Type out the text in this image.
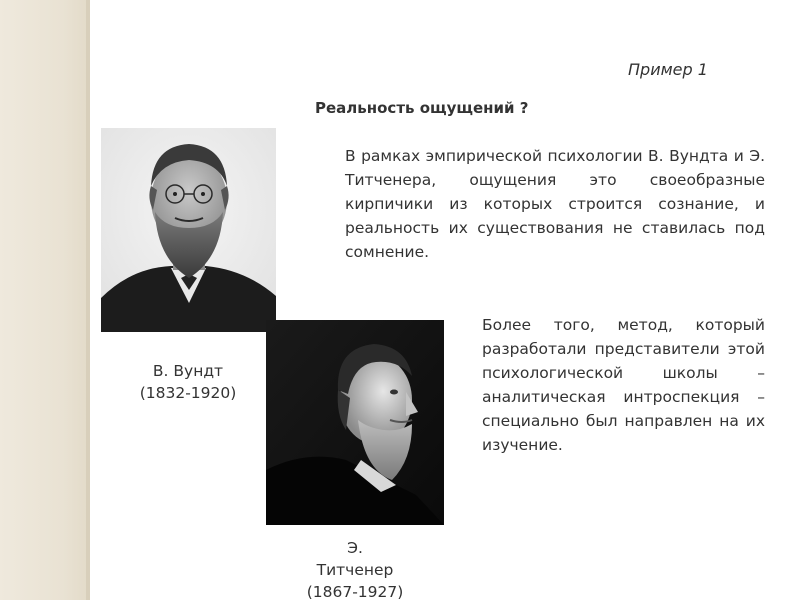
Пример 1
Реальность ощущений ?
В рамках эмпирической психологии В. Вундта и Э. Титченера, ощущения это своеобразные кирпичики из которых строится сознание, и реальность их существования не ставилась под сомнение.
Более того, метод, который разработали представители этой психологической школы – аналитическая интроспекция – специально был направлен на их изучение.
В. Вундт
(1832-1920)
Э.
Титченер
(1867-1927)
